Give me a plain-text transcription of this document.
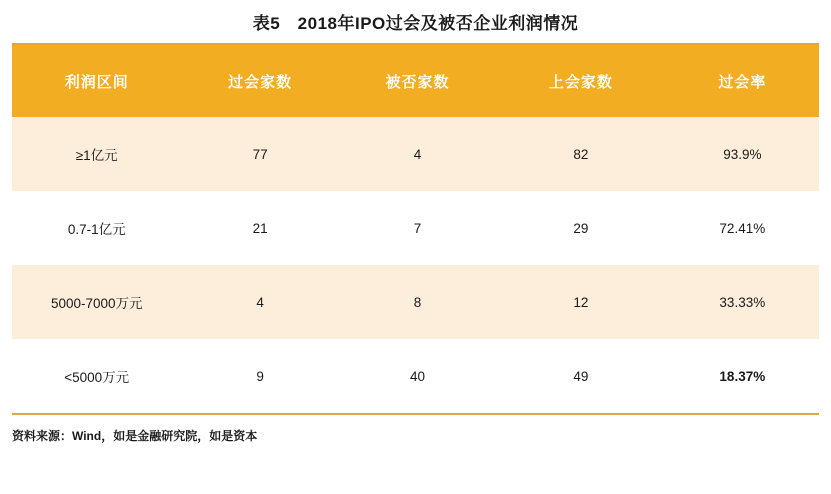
表5　2018年IPO过会及被否企业利润情况
利润区间	过会家数	被否家数	上会家数	过会率
≥1亿元	77	4	82	93.9%
0.7-1亿元	21	7	29	72.41%
5000-7000万元	4	8	12	33.33%
<5000万元	9	40	49	18.37%
资料来源：Wind，如是金融研究院，如是资本
